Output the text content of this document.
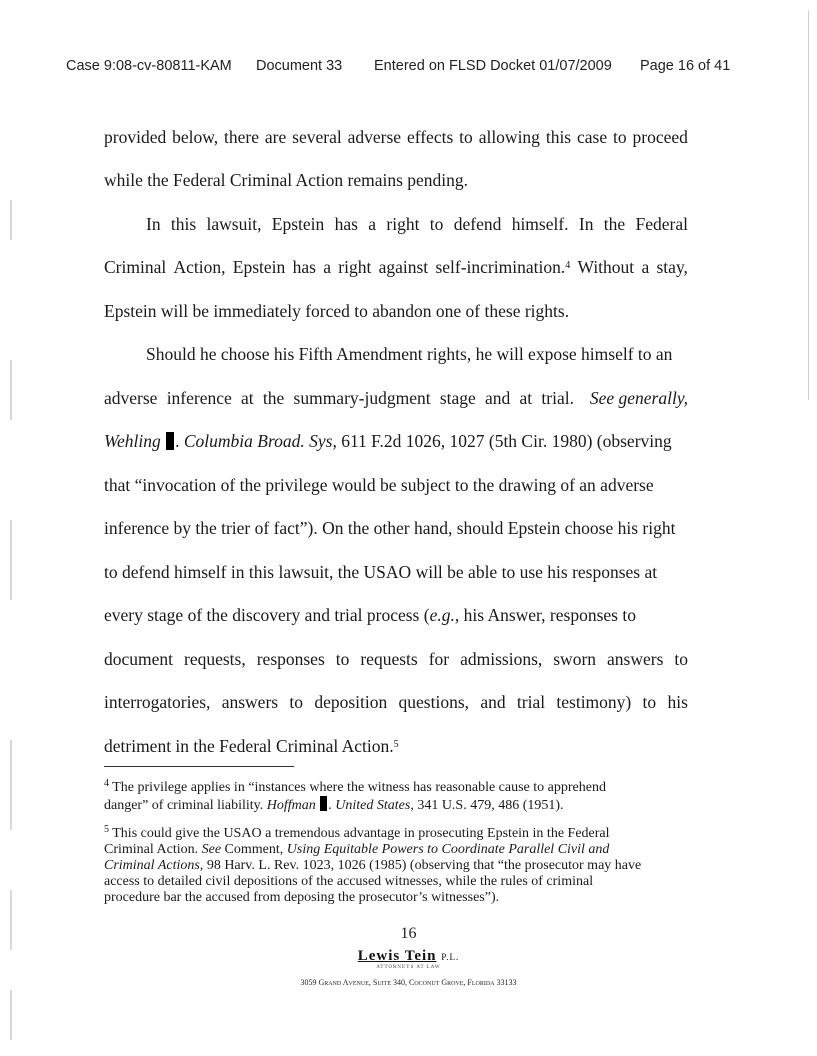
Case 9:08-cv-80811-KAM Document 33 Entered on FLSD Docket 01/07/2009 Page 16 of 41
provided below, there are several adverse effects to allowing this case to proceed
while the Federal Criminal Action remains pending.
In this lawsuit, Epstein has a right to defend himself. In the Federal
Criminal Action, Epstein has a right against self-incrimination.$^4$ Without a stay,
Epstein will be immediately forced to abandon one of these rights.
Should he choose his Fifth Amendment rights, he will expose himself to an
adverse inference at the summary-judgment stage and at trial. See generally,
Wehling . Columbia Broad. Sys, 611 F.2d 1026, 1027 (5th Cir. 1980) (observing
that “invocation of the privilege would be subject to the drawing of an adverse
inference by the trier of fact”). On the other hand, should Epstein choose his right
to defend himself in this lawsuit, the USAO will be able to use his responses at
every stage of the discovery and trial process (e.g., his Answer, responses to
document requests, responses to requests for admissions, sworn answers to
interrogatories, answers to deposition questions, and trial testimony) to his
detriment in the Federal Criminal Action.$^5$
$^4$ The privilege applies in “instances where the witness has reasonable cause to apprehend
danger” of criminal liability. Hoffman . United States, 341 U.S. 479, 486 (1951).
$^5$ This could give the USAO a tremendous advantage in prosecuting Epstein in the Federal
Criminal Action. See Comment, Using Equitable Powers to Coordinate Parallel Civil and
Criminal Actions, 98 Harv. L. Rev. 1023, 1026 (1985) (observing that “the prosecutor may have
access to detailed civil depositions of the accused witnesses, while the rules of criminal
procedure bar the accused from deposing the prosecutor’s witnesses”).
16
Lewis Tein P.L.
ATTORNEYS AT LAW
3059 Grand Avenue, Suite 340, Coconut Grove, Florida 33133
